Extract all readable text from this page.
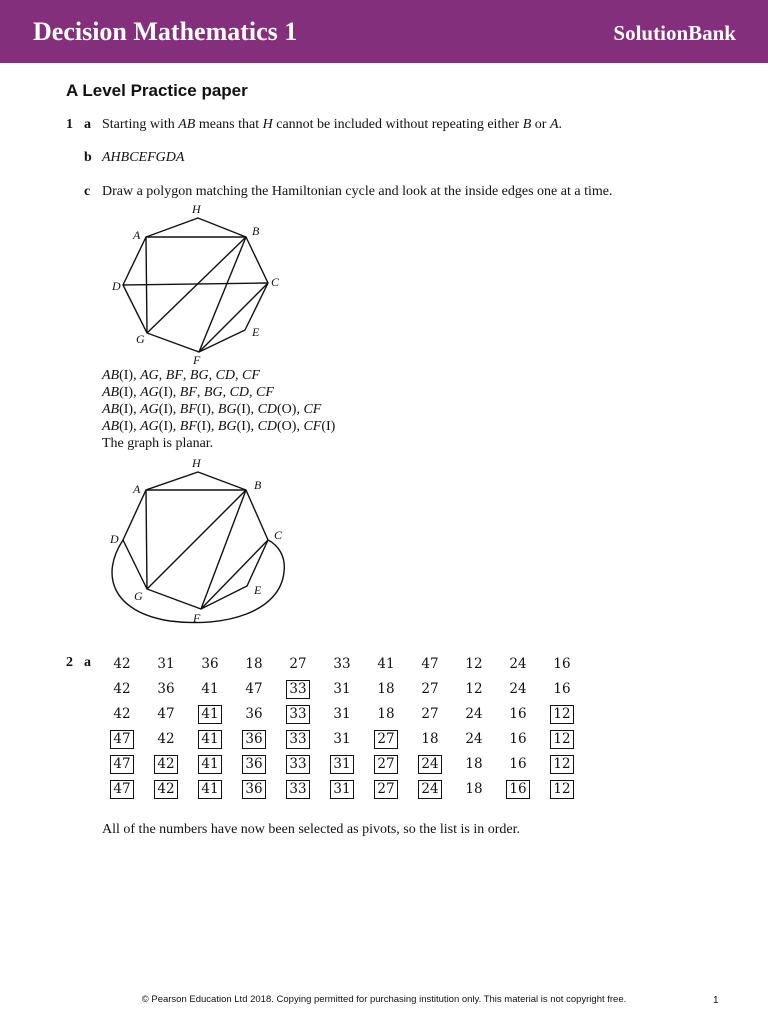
Decision Mathematics 1	SolutionBank
A Level Practice paper
1 a Starting with AB means that H cannot be included without repeating either B or A.
b AHBCEFGDA
c Draw a polygon matching the Hamiltonian cycle and look at the inside edges one at a time.
H
A	B
D	C
G	E
F
AB(I), AG, BF, BG, CD, CF
AB(I), AG(I), BF, BG, CD, CF
AB(I), AG(I), BF(I), BG(I), CD(O), CF
AB(I), AG(I), BF(I), BG(I), CD(O), CF(I)
The graph is planar.
H
A	B
D	C
G	E
F
2 a 42	31	36	18	27	33	41	47	12	24	16
42	36	41	47	33	31	18	27	12	24	16
42	47	41	36	33	31	18	27	24	16	12
47	42	41	36	33	31	27	18	24	16	12
47	42	41	36	33	31	27	24	18	16	12
47	42	41	36	33	31	27	24	18	16	12
All of the numbers have now been selected as pivots, so the list is in order.
© Pearson Education Ltd 2018. Copying permitted for purchasing institution only. This material is not copyright free.	1
